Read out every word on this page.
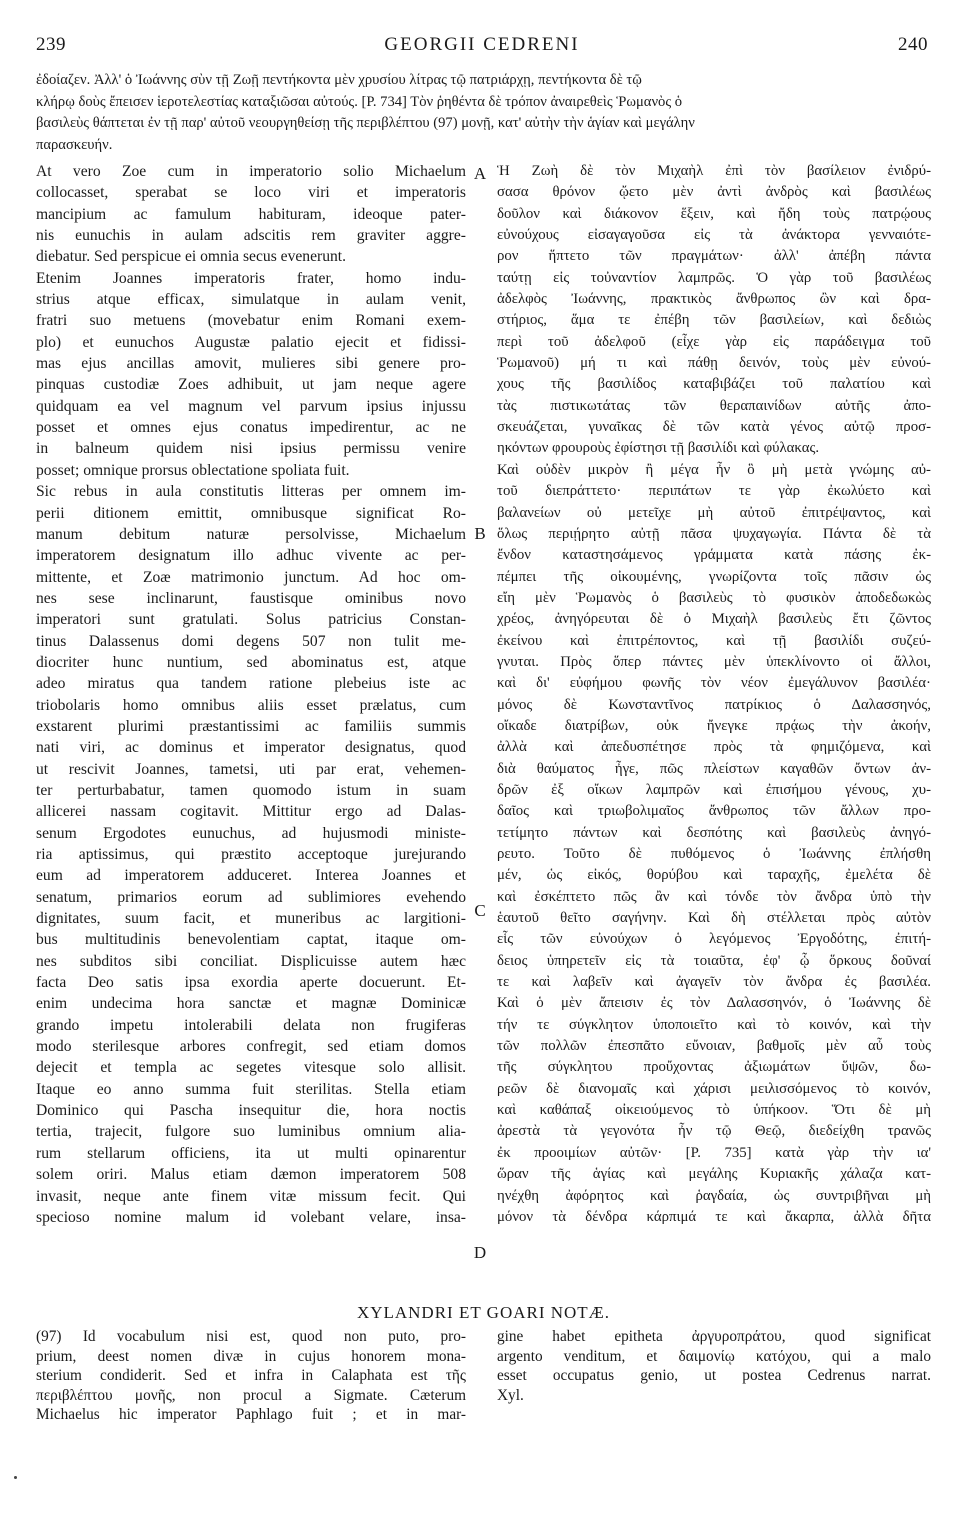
239	GEORGII CEDRENI	240
ἐδοίαζεν. Ἀλλ' ὁ Ἰωάννης σὺν τῇ Ζωῇ πεντήκοντα μὲν χρυσίου λίτρας τῷ πατριάρχῃ, πεντήκοντα δὲ τῷ
κλήρῳ δοὺς ἔπεισεν ἱεροτελεστίας καταξιῶσαι αὐτούς. [P. 734] Τὸν ῥηθέντα δὲ τρόπον ἀναιρεθεὶς Ῥωμανὸς ὁ
βασιλεὺς θάπτεται ἐν τῇ παρ' αὐτοῦ νεουργηθείσῃ τῆς περιβλέπτου (97) μονῇ, κατ' αὐτὴν τὴν ἁγίαν καὶ μεγάλην
παρασκευήν.
At vero Zoe cum in imperatorio solio Michaelum
collocasset, sperabat se loco viri et imperatoris
mancipium ac famulum habituram, ideoque pater-
nis eunuchis in aulam adscitis rem graviter aggre-
diebatur. Sed perspicue ei omnia secus evenerunt.
Etenim Joannes imperatoris frater, homo indu-
strius atque efficax, simulatque in aulam venit,
fratri suo metuens (movebatur enim Romani exem-
plo) et eunuchos Augustæ palatio ejecit et fidissi-
mas ejus ancillas amovit, mulieres sibi genere pro-
pinquas custodiæ Zoes adhibuit, ut jam neque agere
quidquam ea vel magnum vel parvum ipsius injussu
posset et omnes ejus conatus impedirentur, ac ne
in balneum quidem nisi ipsius permissu venire
posset; omnique prorsus oblectatione spoliata fuit.
Sic rebus in aula constitutis litteras per omnem im-
perii ditionem emittit, omnibusque significat Ro-
manum debitum naturæ persolvisse, Michaelum
imperatorem designatum illo adhuc vivente ac per-
mittente, et Zoæ matrimonio junctum. Ad hoc om-
nes sese inclinarunt, faustisque ominibus novo
imperatori sunt gratulati. Solus patricius Constan-
tinus Dalassenus domi degens 507 non tulit me-
diocriter hunc nuntium, sed abominatus est, atque
adeo miratus qua tandem ratione plebeius iste ac
triobolaris homo omnibus aliis esset prælatus, cum
exstarent plurimi præstantissimi ac familiis summis
nati viri, ac dominus et imperator designatus, quod
ut rescivit Joannes, tametsi, uti par erat, vehemen-
ter perturbabatur, tamen quomodo istum in suam
allicerei nassam cogitavit. Mittitur ergo ad Dalas-
senum Ergodotes eunuchus, ad hujusmodi ministe-
ria aptissimus, qui præstito acceptoque jurejurando
eum ad imperatorem adduceret. Interea Joannes et
senatum, primarios eorum ad sublimiores evehendo
dignitates, suum facit, et muneribus ac largitioni-
bus multitudinis benevolentiam captat, itaque om-
nes subditos sibi conciliat. Displicuisse autem hæc
facta Deo satis ipsa exordia aperte docuerunt. Et-
enim undecima hora sanctæ et magnæ Dominicæ
grando impetu intolerabili delata non frugiferas
modo sterilesque arbores confregit, sed etiam domos
dejecit et templa ac segetes vitesque solo allisit.
Itaque eo anno summa fuit sterilitas. Stella etiam
Dominico qui Pascha insequitur die, hora noctis
tertia, trajecit, fulgore suo luminibus omnium alia-
rum stellarum officiens, ita ut multi opinarentur
solem oriri. Malus etiam dæmon imperatorem 508
invasit, neque ante finem vitæ missum fecit. Qui
specioso nomine malum id volebant velare, insa-
Ἡ Ζωὴ δὲ τὸν Μιχαὴλ ἐπὶ τὸν βασίλειον ἐνιδρύ-
σασα θρόνον ᾤετο μὲν ἀντὶ ἀνδρὸς καὶ βασιλέως
δοῦλον καὶ διάκονον ἕξειν, καὶ ἤδη τοὺς πατρῴους
εὐνούχους εἰσαγαγοῦσα εἰς τὰ ἀνάκτορα γενναιότε-
ρον ἥπτετο τῶν πραγμάτων· ἀλλ' ἀπέβη πάντα
ταύτῃ εἰς τοὐναντίον λαμπρῶς. Ὁ γὰρ τοῦ βασιλέως
ἀδελφὸς Ἰωάννης, πρακτικὸς ἄνθρωπος ὢν καὶ δρα-
στήριος, ἅμα τε ἐπέβη τῶν βασιλείων, καὶ δεδιὼς
περὶ τοῦ ἀδελφοῦ (εἶχε γὰρ εἰς παράδειγμα τοῦ
Ῥωμανοῦ) μή τι καὶ πάθῃ δεινόν, τοὺς μὲν εὐνού-
χους τῆς βασιλίδος καταβιβάζει τοῦ παλατίου καὶ
τὰς πιστικωτάτας τῶν θεραπαινίδων αὐτῆς ἀπο-
σκευάζεται, γυναῖκας δὲ τῶν κατὰ γένος αὐτῷ προσ-
ηκόντων φρουροὺς ἐφίστησι τῇ βασιλίδι καὶ φύλακας.
Καὶ οὐδὲν μικρὸν ἢ μέγα ἦν ὃ μὴ μετὰ γνώμης αὐ-
τοῦ διεπράττετο· περιπάτων τε γὰρ ἐκωλύετο καὶ
βαλανείων οὐ μετεῖχε μὴ αὐτοῦ ἐπιτρέψαντος, καὶ
ὅλως περιῄρητο αὐτῇ πᾶσα ψυχαγωγία. Πάντα δὲ τὰ
ἔνδον καταστησάμενος γράμματα κατὰ πάσης ἐκ-
πέμπει τῆς οἰκουμένης, γνωρίζοντα τοῖς πᾶσιν ὡς
εἴη μὲν Ῥωμανὸς ὁ βασιλεὺς τὸ φυσικὸν ἀποδεδωκὼς
χρέος, ἀνηγόρευται δὲ ὁ Μιχαὴλ βασιλεὺς ἔτι ζῶντος
ἐκείνου καὶ ἐπιτρέποντος, καὶ τῇ βασιλίδι συζεύ-
γνυται. Πρὸς ὅπερ πάντες μὲν ὑπεκλίνοντο οἱ ἄλλοι,
καὶ δι' εὐφήμου φωνῆς τὸν νέον ἐμεγάλυνον βασιλέα·
μόνος δὲ Κωνσταντῖνος πατρίκιος ὁ Δαλασσηνός,
οἴκαδε διατρίβων, οὐκ ἤνεγκε πρᾴως τὴν ἀκοήν,
ἀλλὰ καὶ ἀπεδυσπέτησε πρὸς τὰ φημιζόμενα, καὶ
διὰ θαύματος ἦγε, πῶς πλείστων καγαθῶν ὄντων ἀν-
δρῶν ἐξ οἴκων λαμπρῶν καὶ ἐπισήμου γένους, χυ-
δαῖος καὶ τριωβολιμαῖος ἄνθρωπος τῶν ἄλλων προ-
τετίμητο πάντων καὶ δεσπότης καὶ βασιλεὺς ἀνηγό-
ρευτο. Τοῦτο δὲ πυθόμενος ὁ Ἰωάννης ἐπλήσθη
μέν, ὡς εἰκός, θορύβου καὶ ταραχῆς, ἐμελέτα δὲ
καὶ ἐσκέπτετο πῶς ἂν καὶ τόνδε τὸν ἄνδρα ὑπὸ τὴν
ἑαυτοῦ θεῖτο σαγήνην. Καὶ δὴ στέλλεται πρὸς αὐτὸν
εἷς τῶν εὐνούχων ὁ λεγόμενος Ἐργοδότης, ἐπιτή-
δειος ὑπηρετεῖν εἰς τὰ τοιαῦτα, ἐφ' ᾧ ὅρκους δοῦναί
τε καὶ λαβεῖν καὶ ἀγαγεῖν τὸν ἄνδρα ἐς βασιλέα.
Καὶ ὁ μὲν ἄπεισιν ἐς τὸν Δαλασσηνόν, ὁ Ἰωάννης δὲ
τήν τε σύγκλητον ὑποποιεῖτο καὶ τὸ κοινόν, καὶ τὴν
τῶν πολλῶν ἐπεσπᾶτο εὔνοιαν, βαθμοῖς μὲν αὖ τοὺς
τῆς σύγκλητου προὔχοντας ἀξιωμάτων ὕψῶν, δω-
ρεῶν δὲ διανομαῖς καὶ χάρισι μειλισσόμενος τὸ κοινόν,
καὶ καθάπαξ οἰκειούμενος τὸ ὑπήκοον. Ὅτι δὲ μὴ
ἀρεστὰ τὰ γεγονότα ἦν τῷ Θεῷ, διεδείχθη τρανῶς
ἐκ προοιμίων αὐτῶν· [P. 735] κατὰ γὰρ τὴν ια'
ὥραν τῆς ἁγίας καὶ μεγάλης Κυριακῆς χάλαζα κατ-
ηνέχθη ἀφόρητος καὶ ῥαγδαία, ὡς συντριβῆναι μὴ
μόνον τὰ δένδρα κάρπιμά τε καὶ ἄκαρπα, ἀλλὰ δῆτα
A
B
C
D
XYLANDRI ET GOARI NOTÆ.
(97) Id vocabulum nisi est, quod non puto, pro-
prium, deest nomen divæ in cujus honorem mona-
sterium condiderit. Sed et infra in Calaphata est τῆς
περιβλέπτου μονῆς, non procul a Sigmate. Cæterum
Michaelus hic imperator Paphlago fuit ; et in mar-
gine habet epitheta ἀργυροπράτου, quod significat
argento venditum, et δαιμονίῳ κατόχου, qui a malo
esset occupatus genio, ut postea Cedrenus narrat.
Xyl.
